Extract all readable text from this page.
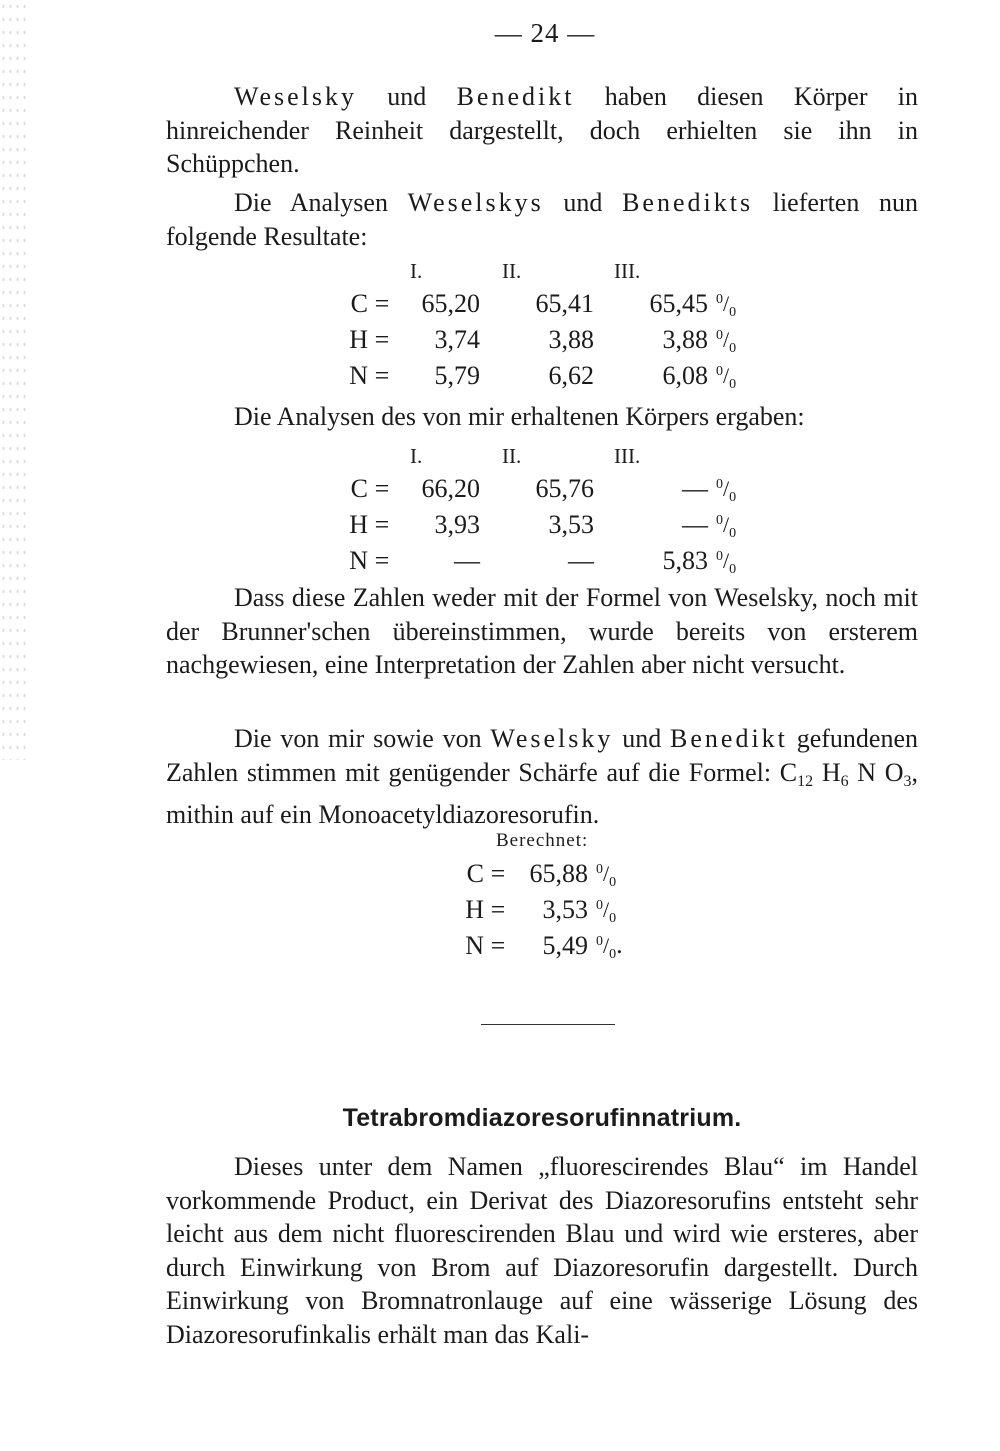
— 24 —

Weselsky und Benedikt haben diesen Körper in hinreichender Reinheit dargestellt, doch erhielten sie ihn in Schüppchen.

Die Analysen Weselskys und Benedikts lieferten nun folgende Resultate:

		I.	II.	III.	
C	=	65,20	65,41	65,45	$^0/_0$
H	=	3,74	3,88	3,88	$^0/_0$
N	=	5,79	6,62	6,08	$^0/_0$

Die Analysen des von mir erhaltenen Körpers ergaben:

		I.	II.	III.	
C	=	66,20	65,76	—	$^0/_0$
H	=	3,93	3,53	—	$^0/_0$
N	=	—	—	5,83	$^0/_0$

Dass diese Zahlen weder mit der Formel von Weselsky, noch mit der Brunner'schen übereinstimmen, wurde bereits von ersterem nachgewiesen, eine Interpretation der Zahlen aber nicht versucht.

Die von mir sowie von Weselsky und Benedikt gefundenen Zahlen stimmen mit genügender Schärfe auf die Formel: $C_{12}$ $H_6$ N $O_3$, mithin auf ein Monoacetyldiazoresorufin.

Berechnet:
C	=	65,88	$^0/_0$
H	=	3,53	$^0/_0$
N	=	5,49	$^0/_0$.
Tetrabromdiazoresorufinnatrium.

Dieses unter dem Namen „fluorescirendes Blau“ im Handel vorkommende Product, ein Derivat des Diazoresorufins entsteht sehr leicht aus dem nicht fluorescirenden Blau und wird wie ersteres, aber durch Einwirkung von Brom auf Diazoresorufin dargestellt. Durch Einwirkung von Bromnatronlauge auf eine wässerige Lösung des Diazoresorufinkalis erhält man das Kali-
